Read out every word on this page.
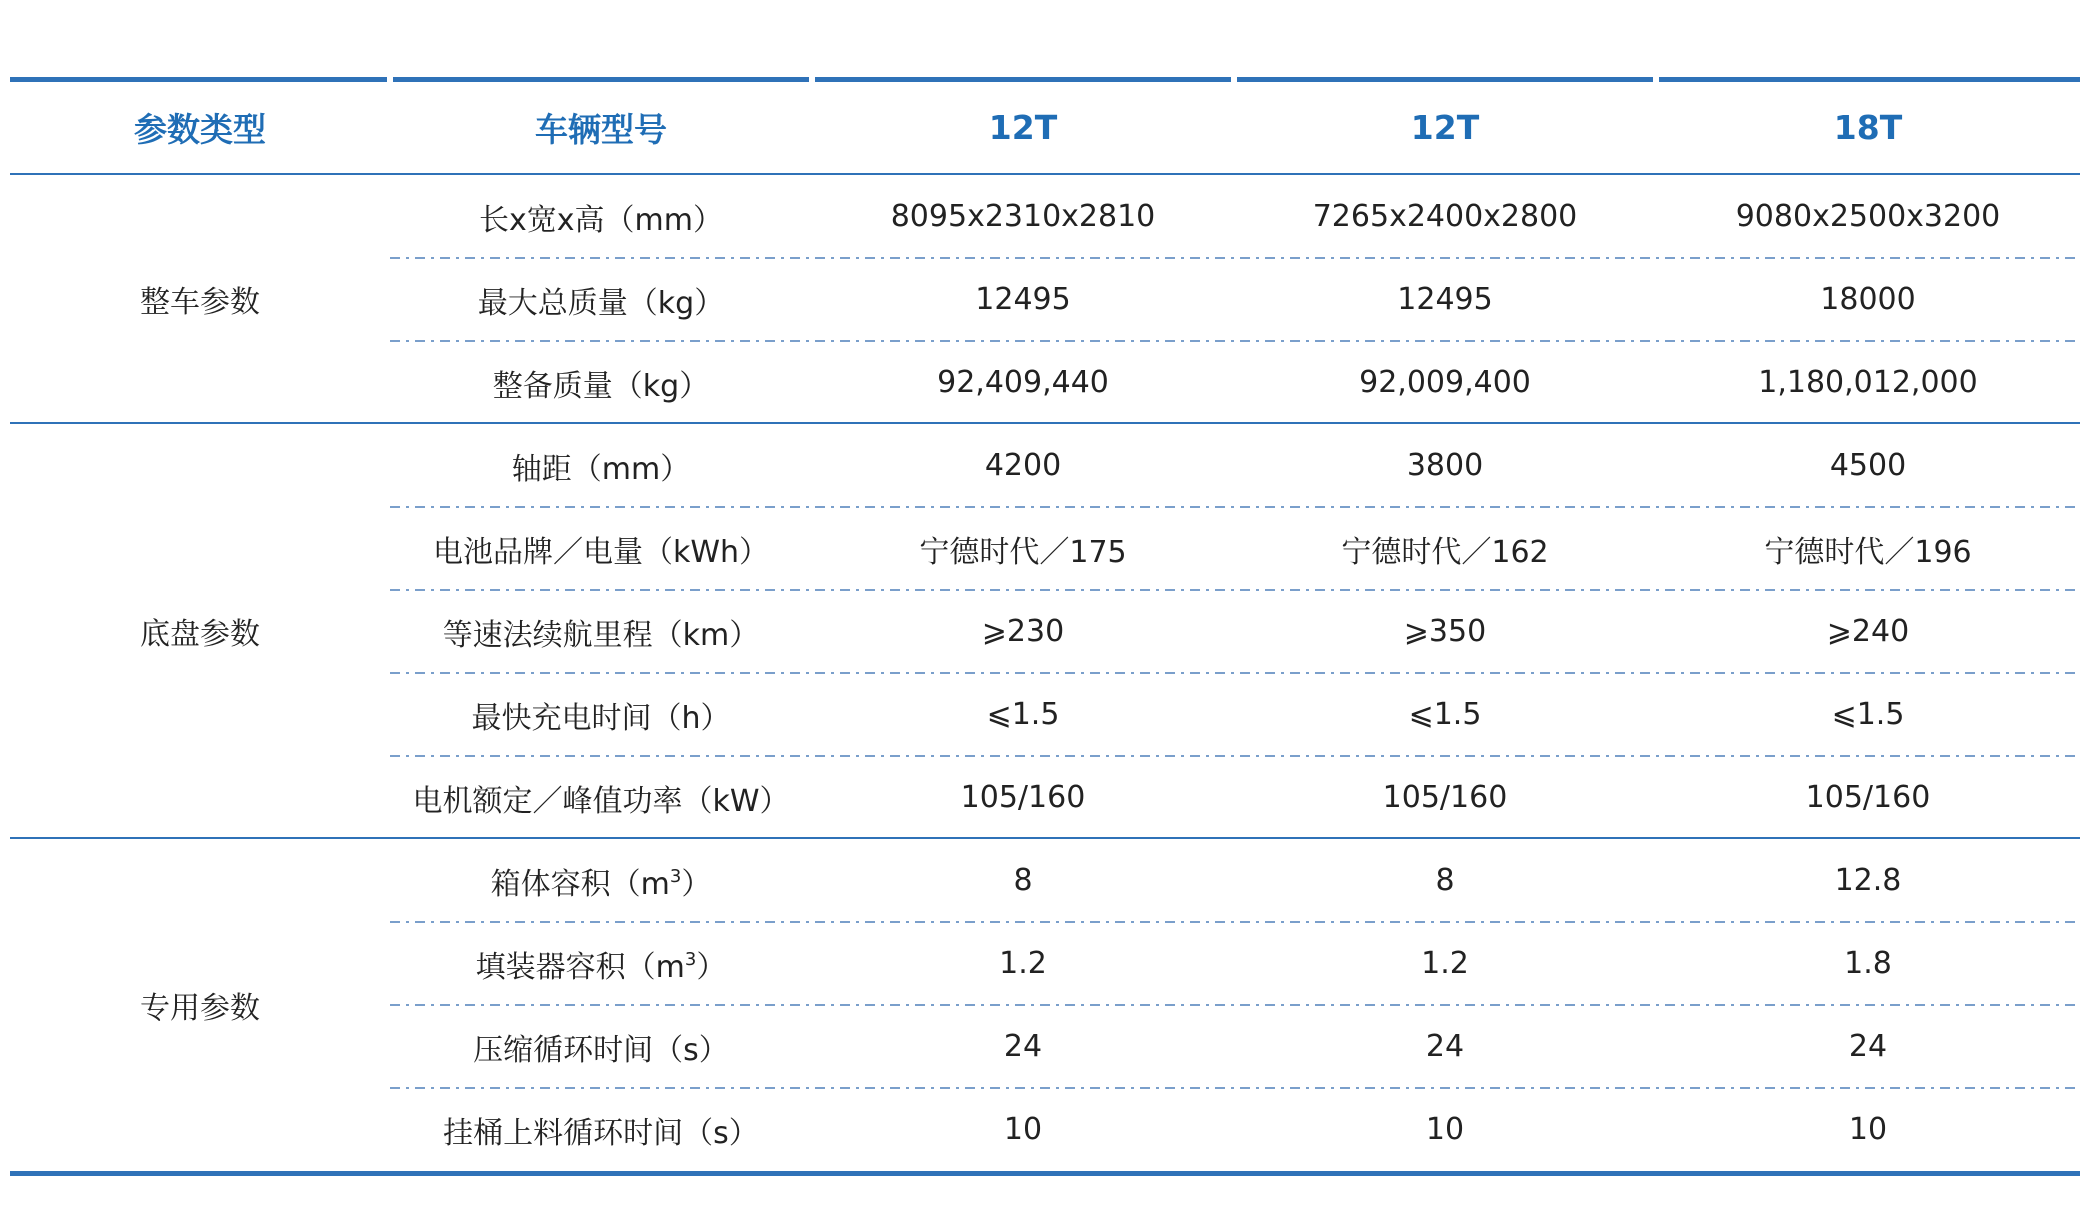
参数类型	车辆型号	12T	12T	18T
整车参数
长x宽x高（mm）	8095x2310x2810	7265x2400x2800	9080x2500x3200
最大总质量（kg）	12495	12495	18000
整备质量（kg）	92,409,440	92,009,400	1,180,012,000
底盘参数
轴距（mm）	4200	3800	4500
电池品牌／电量（kWh）	宁德时代／175	宁德时代／162	宁德时代／196
等速法续航里程（km）	⩾230	⩾350	⩾240
最快充电时间（h）	⩽1.5	⩽1.5	⩽1.5
电机额定／峰值功率（kW）	105/160	105/160	105/160
专用参数
箱体容积（$m^3$ ）	8	8	12.8
填装器容积（$m^3$ ）	1.2	1.2	1.8
压缩循环时间（s）	24	24	24
挂桶上料循环时间（s）	10	10	10
